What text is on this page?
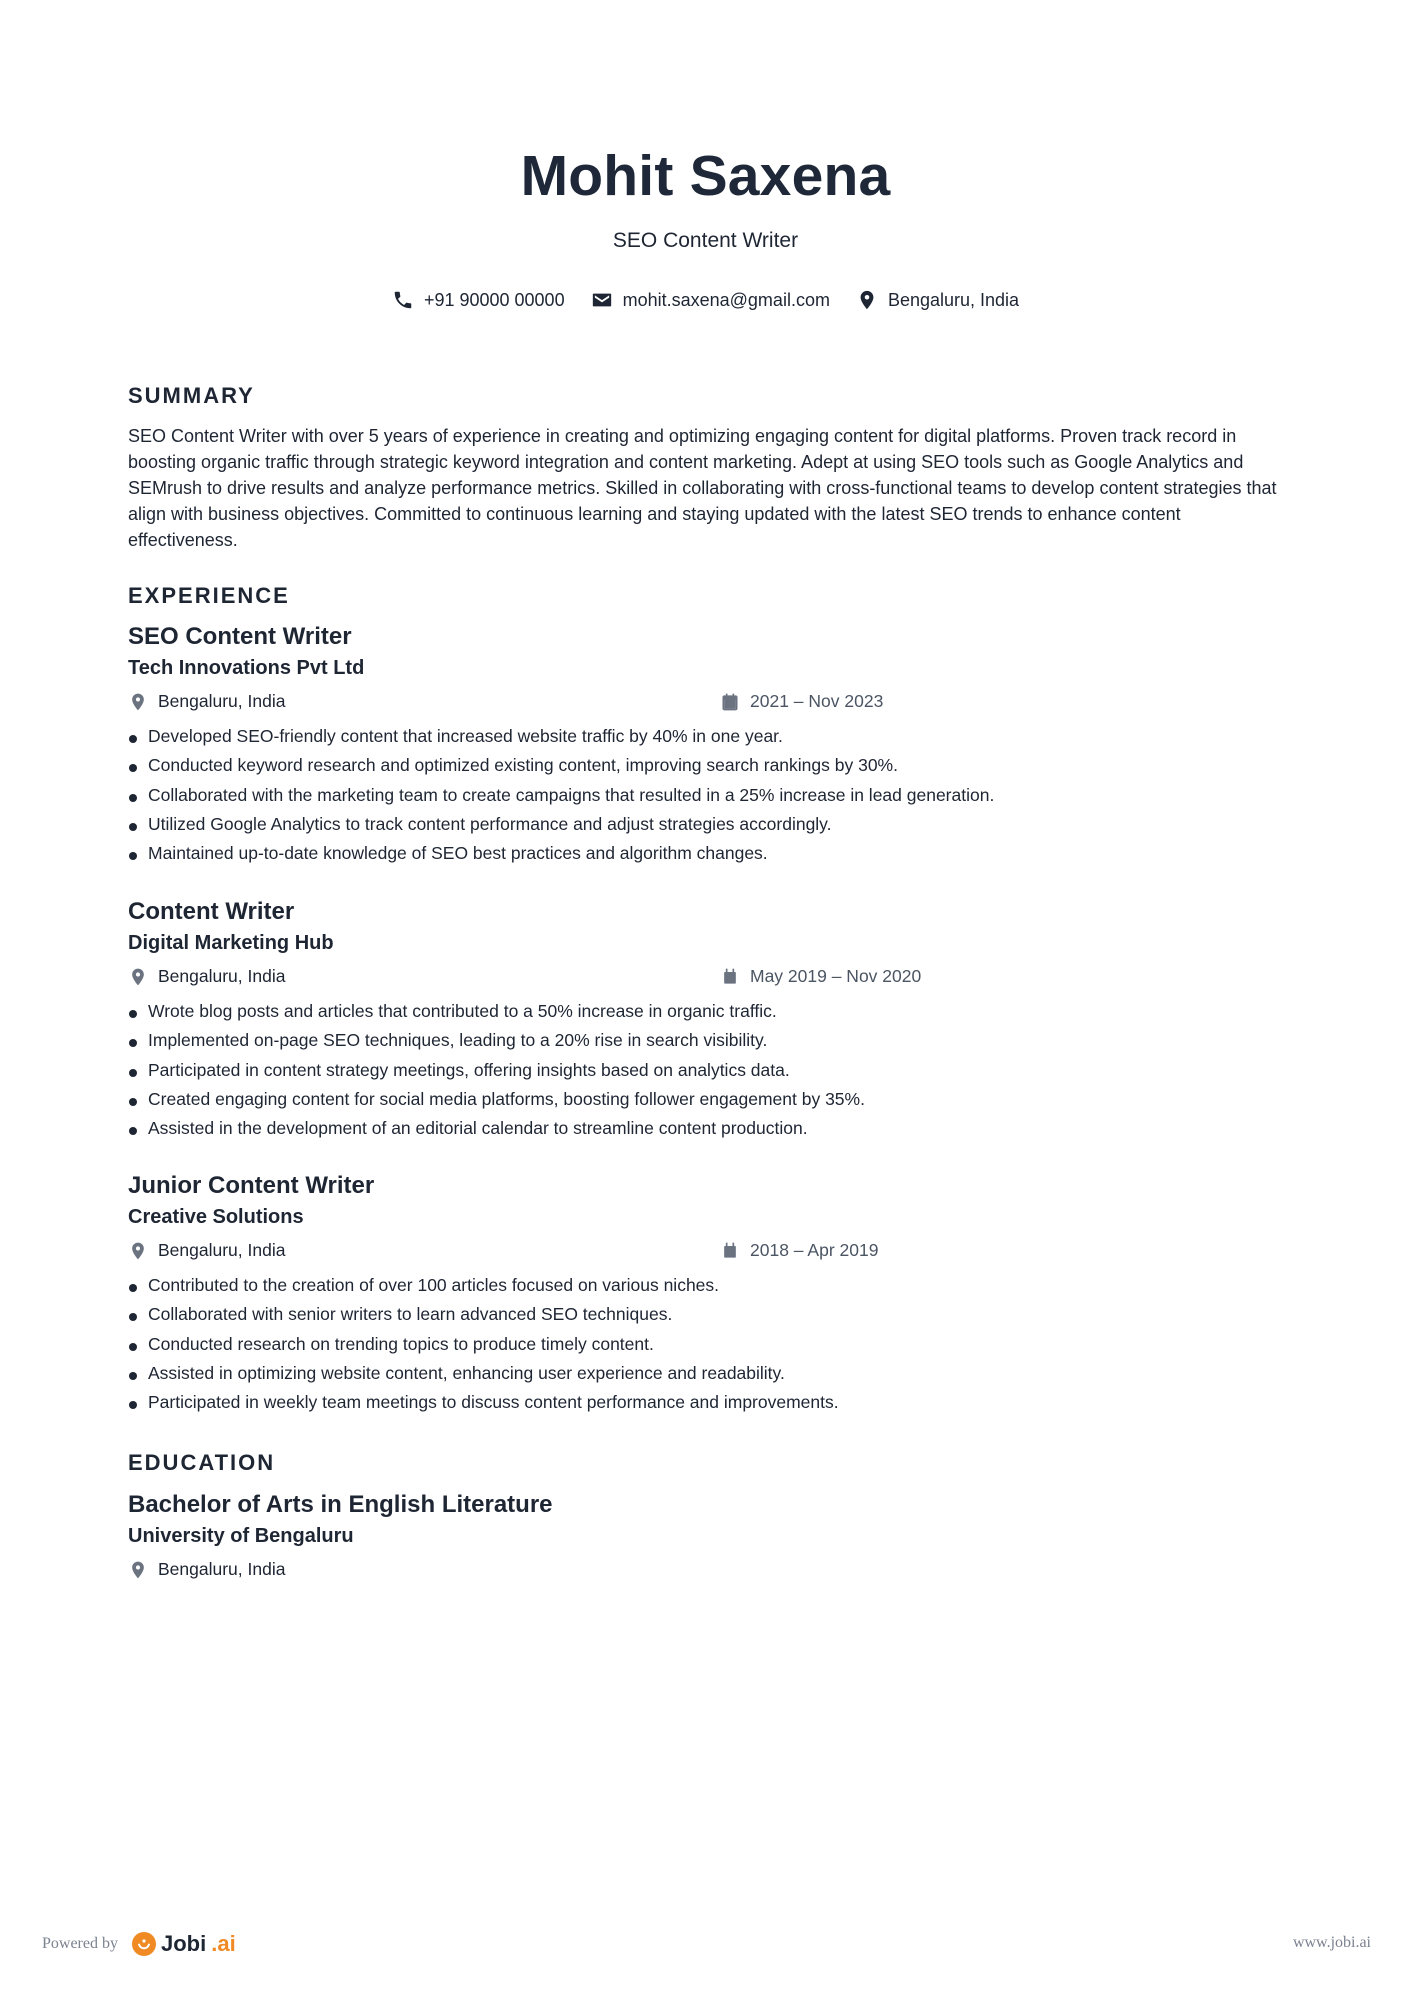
Mohit Saxena
SEO Content Writer
+91 90000 00000	mohit.saxena@gmail.com	Bengaluru, India
SUMMARY
SEO Content Writer with over 5 years of experience in creating and optimizing engaging content for digital platforms. Proven track record in boosting organic traffic through strategic keyword integration and content marketing. Adept at using SEO tools such as Google Analytics and SEMrush to drive results and analyze performance metrics. Skilled in collaborating with cross-functional teams to develop content strategies that align with business objectives. Committed to continuous learning and staying updated with the latest SEO trends to enhance content effectiveness.
EXPERIENCE
SEO Content Writer
Tech Innovations Pvt Ltd
Bengaluru, India	2021 – Nov 2023
Developed SEO-friendly content that increased website traffic by 40% in one year.
Conducted keyword research and optimized existing content, improving search rankings by 30%.
Collaborated with the marketing team to create campaigns that resulted in a 25% increase in lead generation.
Utilized Google Analytics to track content performance and adjust strategies accordingly.
Maintained up-to-date knowledge of SEO best practices and algorithm changes.
Content Writer
Digital Marketing Hub
Bengaluru, India	May 2019 – Nov 2020
Wrote blog posts and articles that contributed to a 50% increase in organic traffic.
Implemented on-page SEO techniques, leading to a 20% rise in search visibility.
Participated in content strategy meetings, offering insights based on analytics data.
Created engaging content for social media platforms, boosting follower engagement by 35%.
Assisted in the development of an editorial calendar to streamline content production.
Junior Content Writer
Creative Solutions
Bengaluru, India	2018 – Apr 2019
Contributed to the creation of over 100 articles focused on various niches.
Collaborated with senior writers to learn advanced SEO techniques.
Conducted research on trending topics to produce timely content.
Assisted in optimizing website content, enhancing user experience and readability.
Participated in weekly team meetings to discuss content performance and improvements.
EDUCATION
Bachelor of Arts in English Literature
University of Bengaluru
Bengaluru, India
Powered by Jobi .ai	www.jobi.ai
